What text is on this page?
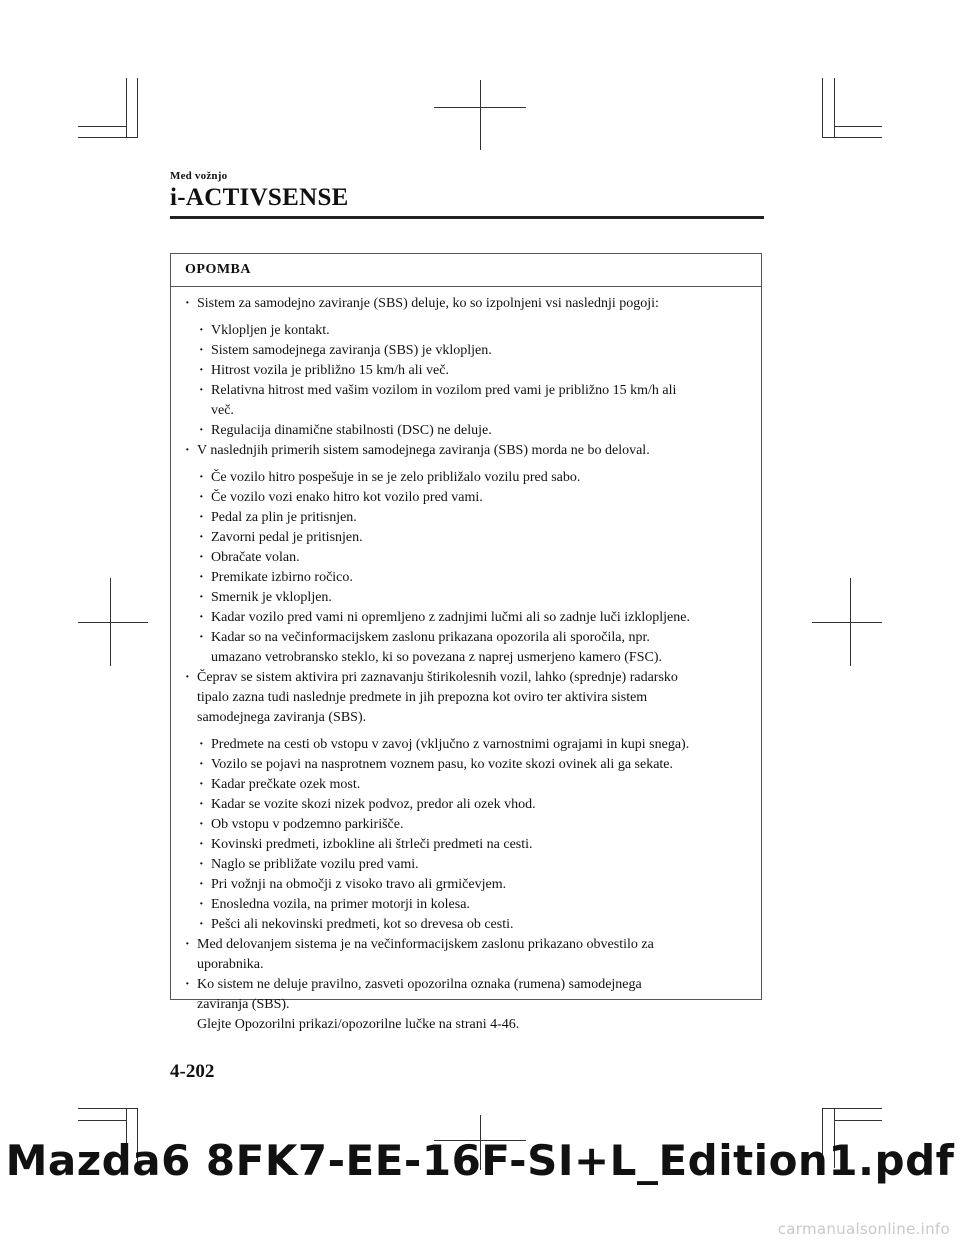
Med vožnjo
i-ACTIVSENSE
OPOMBA
· Sistem za samodejno zaviranje (SBS) deluje, ko so izpolnjeni vsi naslednji pogoji:
· Vklopljen je kontakt.
· Sistem samodejnega zaviranja (SBS) je vklopljen.
· Hitrost vozila je približno 15 km/h ali več.
· Relativna hitrost med vašim vozilom in vozilom pred vami je približno 15 km/h ali
več.
· Regulacija dinamične stabilnosti (DSC) ne deluje.
· V naslednjih primerih sistem samodejnega zaviranja (SBS) morda ne bo deloval.
· Če vozilo hitro pospešuje in se je zelo približalo vozilu pred sabo.
· Če vozilo vozi enako hitro kot vozilo pred vami.
· Pedal za plin je pritisnjen.
· Zavorni pedal je pritisnjen.
· Obračate volan.
· Premikate izbirno ročico.
· Smernik je vklopljen.
· Kadar vozilo pred vami ni opremljeno z zadnjimi lučmi ali so zadnje luči izklopljene.
· Kadar so na večinformacijskem zaslonu prikazana opozorila ali sporočila, npr.
umazano vetrobransko steklo, ki so povezana z naprej usmerjeno kamero (FSC).
· Čeprav se sistem aktivira pri zaznavanju štirikolesnih vozil, lahko (sprednje) radarsko
tipalo zazna tudi naslednje predmete in jih prepozna kot oviro ter aktivira sistem
samodejnega zaviranja (SBS).
· Predmete na cesti ob vstopu v zavoj (vključno z varnostnimi ograjami in kupi snega).
· Vozilo se pojavi na nasprotnem voznem pasu, ko vozite skozi ovinek ali ga sekate.
· Kadar prečkate ozek most.
· Kadar se vozite skozi nizek podvoz, predor ali ozek vhod.
· Ob vstopu v podzemno parkirišče.
· Kovinski predmeti, izbokline ali štrleči predmeti na cesti.
· Naglo se približate vozilu pred vami.
· Pri vožnji na območji z visoko travo ali grmičevjem.
· Enosledna vozila, na primer motorji in kolesa.
· Pešci ali nekovinski predmeti, kot so drevesa ob cesti.
· Med delovanjem sistema je na večinformacijskem zaslonu prikazano obvestilo za
uporabnika.
· Ko sistem ne deluje pravilno, zasveti opozorilna oznaka (rumena) samodejnega
zaviranja (SBS).
Glejte Opozorilni prikazi/opozorilne lučke na strani 4-46.
4-202
Mazda6 8FK7-EE-16F-SI+L_Edition1.pdf
carmanualsonline.info
